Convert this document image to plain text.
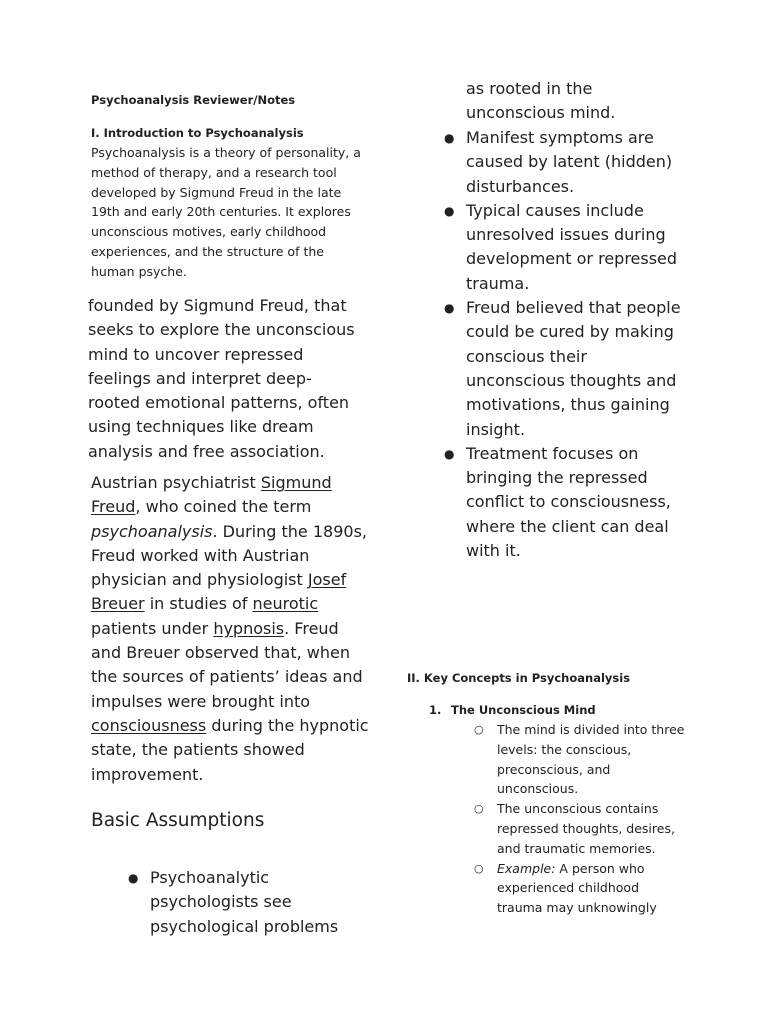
Psychoanalysis Reviewer/Notes
I. Introduction to Psychoanalysis

Psychoanalysis is a theory of personality, a method of therapy, and a research tool developed by Sigmund Freud in the late 19th and early 20th centuries. It explores unconscious motives, early childhood experiences, and the structure of the human psyche.

founded by Sigmund Freud, that seeks to explore the unconscious mind to uncover repressed feelings and interpret deep-rooted emotional patterns, often using techniques like dream analysis and free association.

Austrian psychiatrist Sigmund Freud, who coined the term psychoanalysis. During the 1890s, Freud worked with Austrian physician and physiologist Josef Breuer in studies of neurotic patients under hypnosis. Freud and Breuer observed that, when the sources of patients’ ideas and impulses were brought into consciousness during the hypnotic state, the patients showed improvement.

Basic Assumptions
● Psychoanalytic psychologists see psychological problems

as rooted in the unconscious mind.

● Manifest symptoms are caused by latent (hidden) disturbances.
● Typical causes include unresolved issues during development or repressed trauma.
● Freud believed that people could be cured by making conscious their unconscious thoughts and motivations, thus gaining insight.
● Treatment focuses on bringing the repressed conflict to consciousness, where the client can deal with it.
II. Key Concepts in Psychoanalysis
1. The Unconscious Mind
○ The mind is divided into three levels: the conscious, preconscious, and unconscious.
○ The unconscious contains repressed thoughts, desires, and traumatic memories.
○ Example: A person who experienced childhood trauma may unknowingly
